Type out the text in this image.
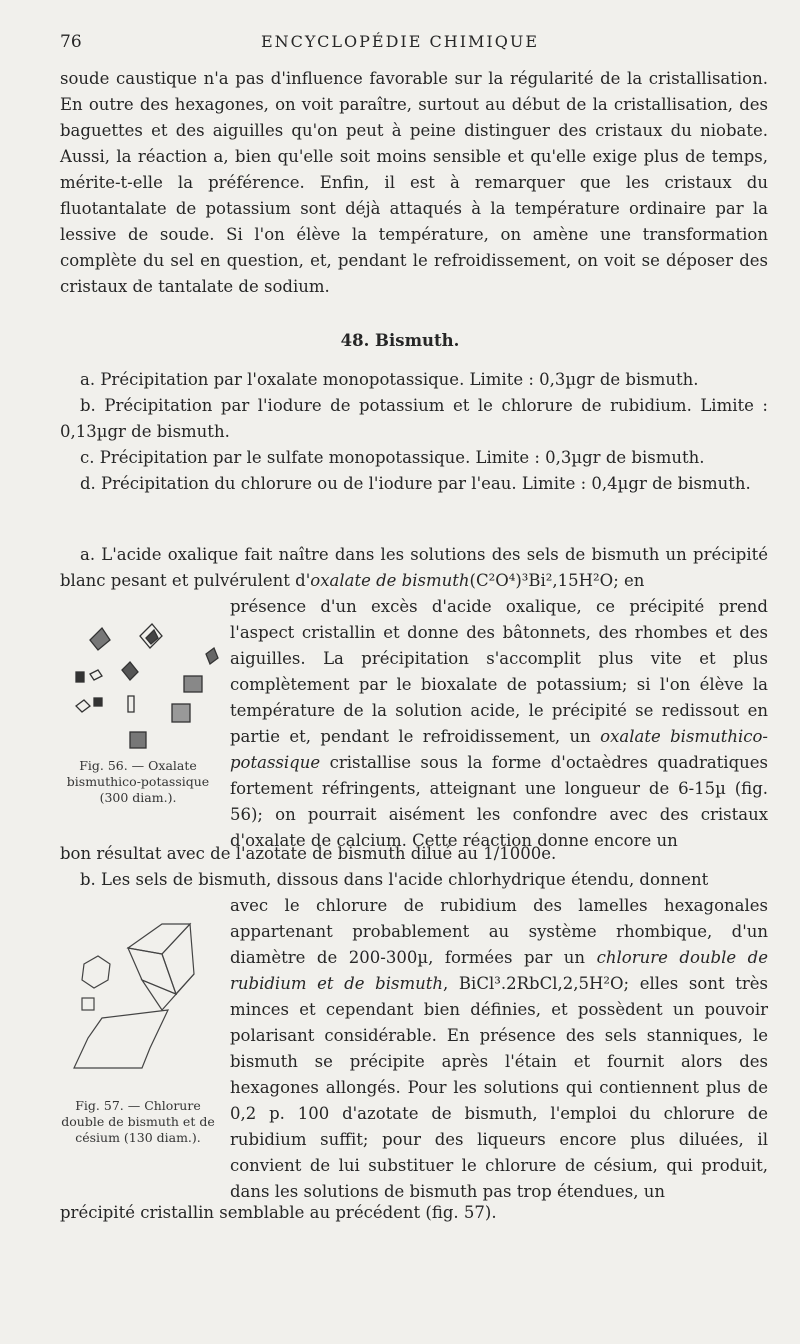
76	ENCYCLOPÉDIE CHIMIQUE

soude caustique n'a pas d'influence favorable sur la régularité de la cristallisation. En outre des hexagones, on voit paraître, surtout au début de la cristallisation, des baguettes et des aiguilles qu'on peut à peine distinguer des cristaux du niobate. Aussi, la réaction a, bien qu'elle soit moins sensible et qu'elle exige plus de temps, mérite-t-elle la préférence. Enfin, il est à remarquer que les cristaux du fluotantalate de potassium sont déjà attaqués à la température ordinaire par la lessive de soude. Si l'on élève la température, on amène une transformation complète du sel en question, et, pendant le refroidissement, on voit se déposer des cristaux de tantalate de sodium.

48. Bismuth.

a. Précipitation par l'oxalate monopotassique. Limite : 0,3µgr de bismuth.

b. Précipitation par l'iodure de potassium et le chlorure de rubidium. Limite : 0,13µgr de bismuth.

c. Précipitation par le sulfate monopotassique. Limite : 0,3µgr de bismuth.

d. Précipitation du chlorure ou de l'iodure par l'eau. Limite : 0,4µgr de bismuth.

a. L'acide oxalique fait naître dans les solutions des sels de bismuth un précipité blanc pesant et pulvérulent d'oxalate de bismuth(C²O⁴)³Bi²,15H²O; en

présence d'un excès d'acide oxalique, ce précipité prend l'aspect cristallin et donne des bâtonnets, des rhombes et des aiguilles. La précipitation s'accomplit plus vite et plus complètement par le bioxalate de potassium; si l'on élève la température de la solution acide, le précipité se redissout en partie et, pendant le refroidissement, un oxalate bismuthico-potassique cristallise sous la forme d'octaèdres quadratiques fortement réfringents, atteignant une longueur de 6-15µ (fig. 56); on pourrait aisément les confondre avec des cristaux d'oxalate de calcium. Cette réaction donne encore un

bon résultat avec de l'azotate de bismuth dilué au 1/1000e.
Fig. 56. — Oxalate bismuthico-potassique (300 diam.).

b. Les sels de bismuth, dissous dans l'acide chlorhydrique étendu, donnent

avec le chlorure de rubidium des lamelles hexagonales appartenant probablement au système rhombique, d'un diamètre de 200-300µ, formées par un chlorure double de rubidium et de bismuth, BiCl³.2RbCl,2,5H²O; elles sont très minces et cependant bien définies, et possèdent un pouvoir polarisant considérable. En présence des sels stanniques, le bismuth se précipite après l'étain et fournit alors des hexagones allongés. Pour les solutions qui contiennent plus de 0,2 p. 100 d'azotate de bismuth, l'emploi du chlorure de rubidium suffit; pour des liqueurs encore plus diluées, il convient de lui substituer le chlorure de césium, qui produit, dans les solutions de bismuth pas trop étendues, un

Fig. 57. — Chlorure double de bismuth et de césium (130 diam.).
précipité cristallin semblable au précédent (fig. 57).
